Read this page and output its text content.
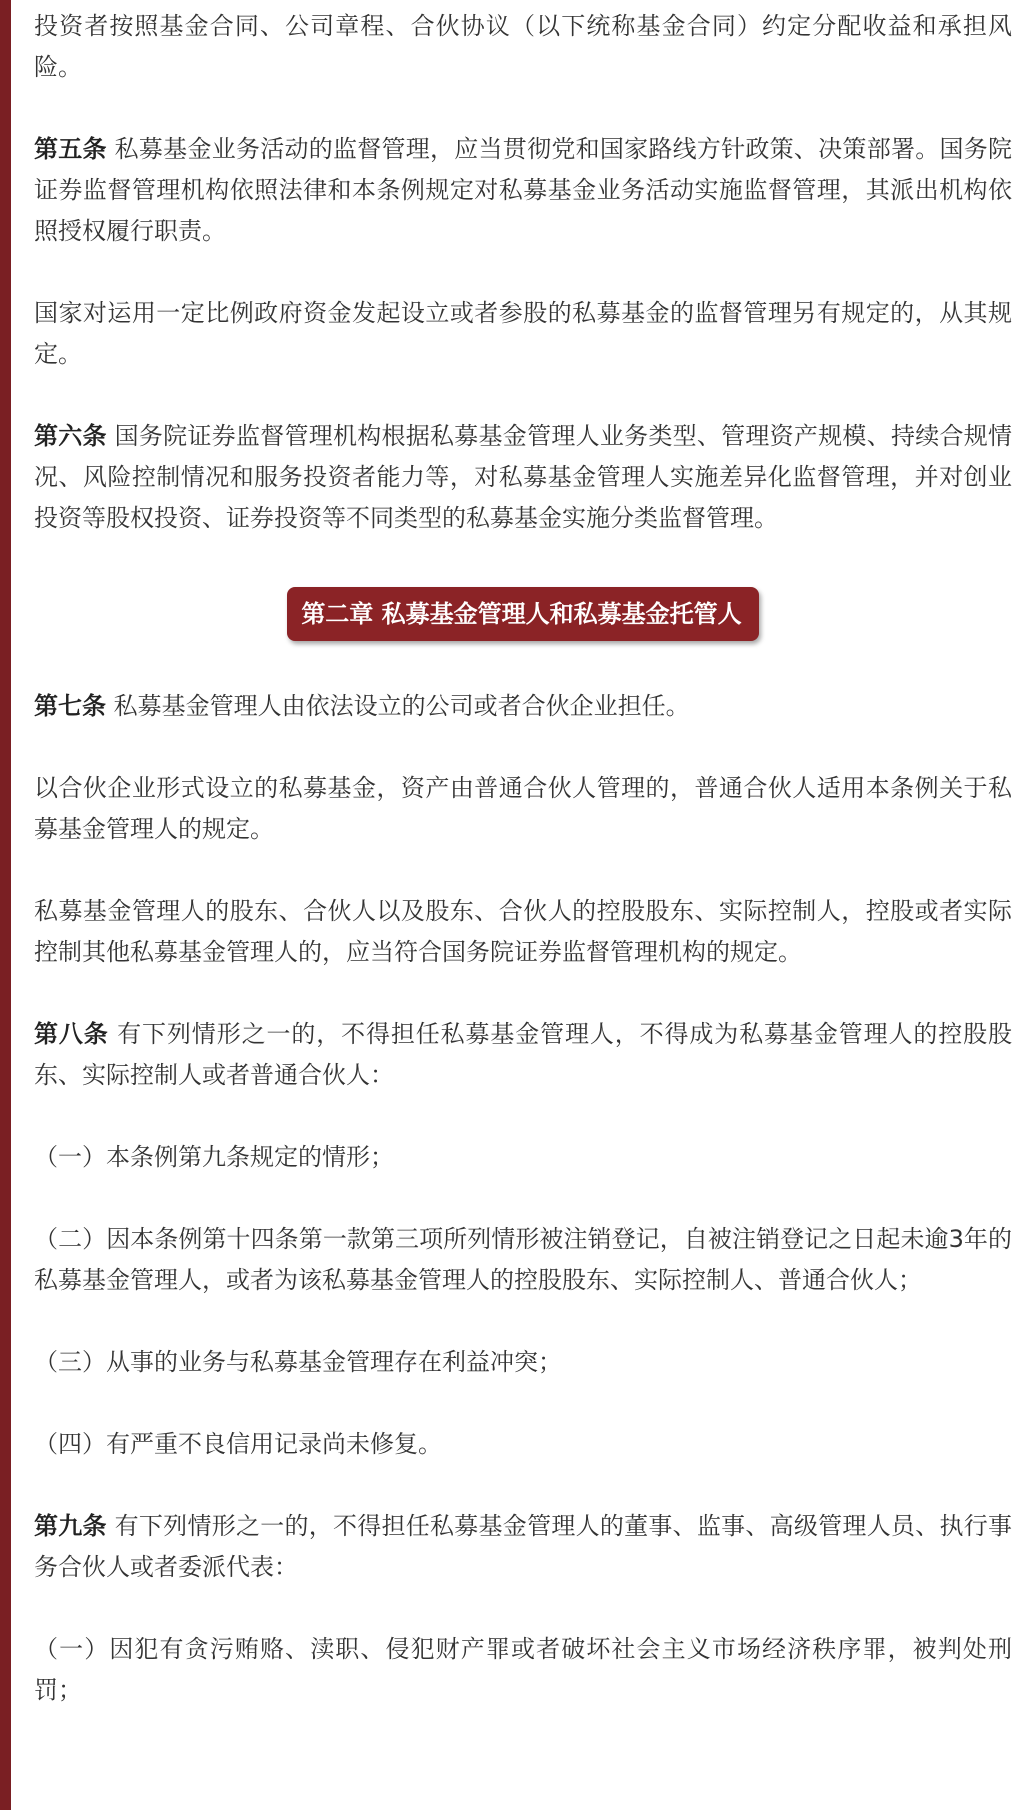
投资者按照基金合同、公司章程、合伙协议（以下统称基金合同）约定分配收益和承担风险。

第五条 私募基金业务活动的监督管理，应当贯彻党和国家路线方针政策、决策部署。国务院证券监督管理机构依照法律和本条例规定对私募基金业务活动实施监督管理，其派出机构依照授权履行职责。

国家对运用一定比例政府资金发起设立或者参股的私募基金的监督管理另有规定的，从其规定。

第六条 国务院证券监督管理机构根据私募基金管理人业务类型、管理资产规模、持续合规情况、风险控制情况和服务投资者能力等，对私募基金管理人实施差异化监督管理，并对创业投资等股权投资、证券投资等不同类型的私募基金实施分类监督管理。

第二章 私募基金管理人和私募基金托管人

第七条 私募基金管理人由依法设立的公司或者合伙企业担任。

以合伙企业形式设立的私募基金，资产由普通合伙人管理的，普通合伙人适用本条例关于私募基金管理人的规定。

私募基金管理人的股东、合伙人以及股东、合伙人的控股股东、实际控制人，控股或者实际控制其他私募基金管理人的，应当符合国务院证券监督管理机构的规定。

第八条 有下列情形之一的，不得担任私募基金管理人，不得成为私募基金管理人的控股股东、实际控制人或者普通合伙人：

（一）本条例第九条规定的情形；

（二）因本条例第十四条第一款第三项所列情形被注销登记，自被注销登记之日起未逾3年的私募基金管理人，或者为该私募基金管理人的控股股东、实际控制人、普通合伙人；

（三）从事的业务与私募基金管理存在利益冲突；

（四）有严重不良信用记录尚未修复。

第九条 有下列情形之一的，不得担任私募基金管理人的董事、监事、高级管理人员、执行事务合伙人或者委派代表：

（一）因犯有贪污贿赂、渎职、侵犯财产罪或者破坏社会主义市场经济秩序罪，被判处刑罚；
